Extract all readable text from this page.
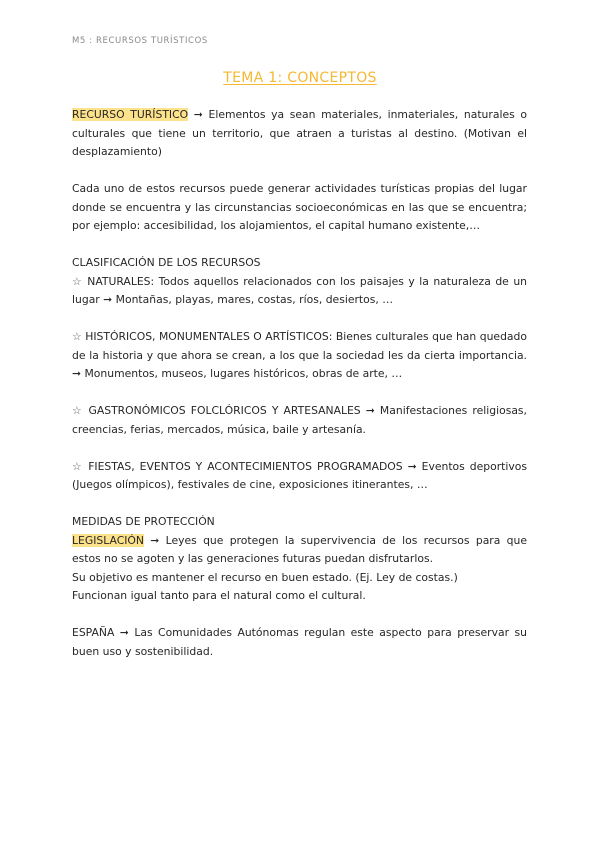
M5 : RECURSOS TURÍSTICOS
TEMA 1: CONCEPTOS

RECURSO TURÍSTICO ➞ Elementos ya sean materiales, inmateriales, naturales o culturales que tiene un territorio, que atraen a turistas al destino. (Motivan el desplazamiento)

Cada uno de estos recursos puede generar actividades turísticas propias del lugar donde se encuentra y las circunstancias socioeconómicas en las que se encuentra; por ejemplo: accesibilidad, los alojamientos, el capital humano existente,…

CLASIFICACIÓN DE LOS RECURSOS

☆ NATURALES: Todos aquellos relacionados con los paisajes y la naturaleza de un lugar ➞ Montañas, playas, mares, costas, ríos, desiertos, …

☆ HISTÓRICOS, MONUMENTALES O ARTÍSTICOS: Bienes culturales que han quedado de la historia y que ahora se crean, a los que la sociedad les da cierta importancia. ➞ Monumentos, museos, lugares históricos, obras de arte, …

☆ GASTRONÓMICOS FOLCLÓRICOS Y ARTESANALES ➞ Manifestaciones religiosas, creencias, ferias, mercados, música, baile y artesanía.

☆ FIESTAS, EVENTOS Y ACONTECIMIENTOS PROGRAMADOS ➞ Eventos deportivos (Juegos olímpicos), festivales de cine, exposiciones itinerantes, …

MEDIDAS DE PROTECCIÓN

LEGISLACIÓN ➞ Leyes que protegen la supervivencia de los recursos para que estos no se agoten y las generaciones futuras puedan disfrutarlos.

Su objetivo es mantener el recurso en buen estado. (Ej. Ley de costas.)

Funcionan igual tanto para el natural como el cultural.

ESPAÑA ➞ Las Comunidades Autónomas regulan este aspecto para preservar su buen uso y sostenibilidad.
